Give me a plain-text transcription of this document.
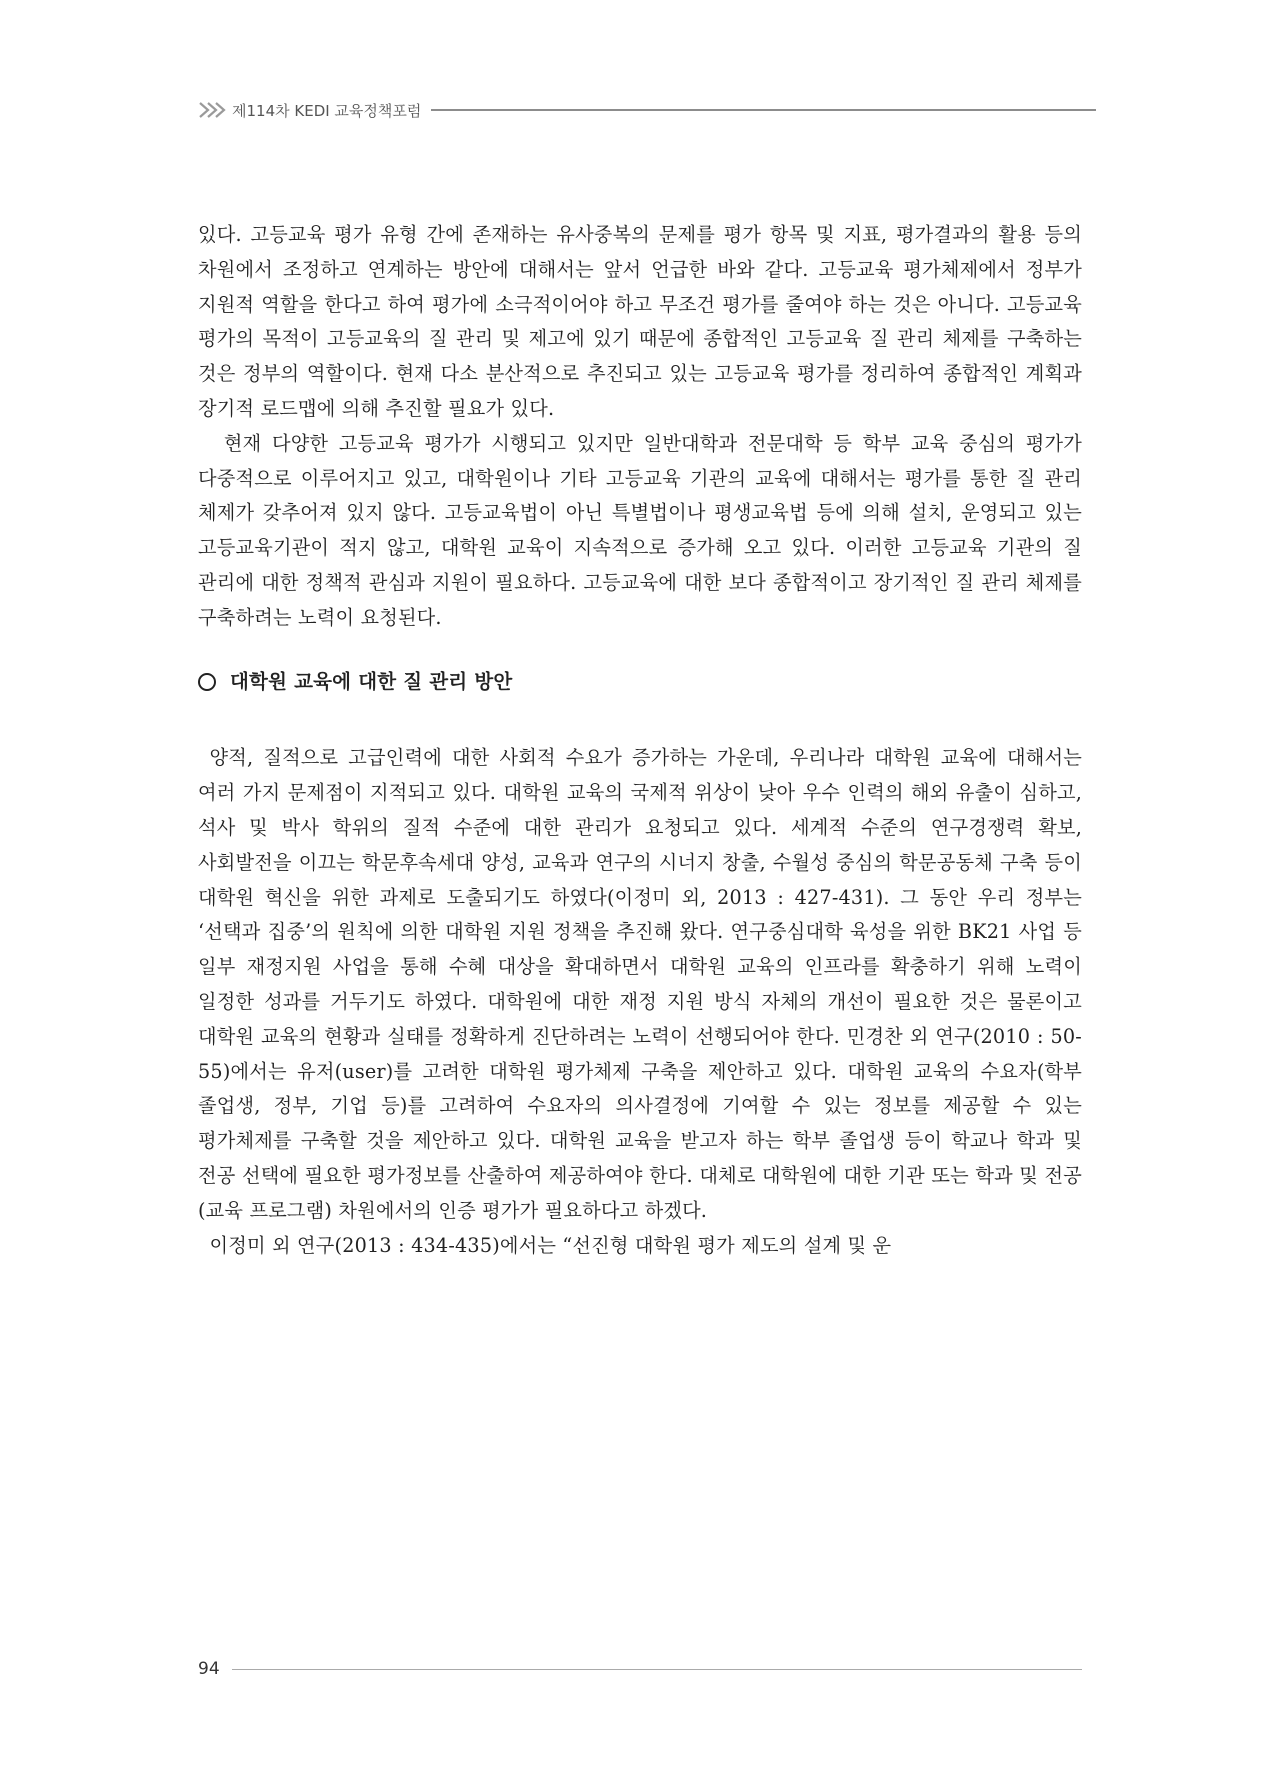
제114차 KEDI 교육정책포럼

있다. 고등교육 평가 유형 간에 존재하는 유사중복의 문제를 평가 항목 및 지표, 평가결과의 활용 등의 차원에서 조정하고 연계하는 방안에 대해서는 앞서 언급한 바와 같다. 고등교육 평가체제에서 정부가 지원적 역할을 한다고 하여 평가에 소극적이어야 하고 무조건 평가를 줄여야 하는 것은 아니다. 고등교육 평가의 목적이 고등교육의 질 관리 및 제고에 있기 때문에 종합적인 고등교육 질 관리 체제를 구축하는 것은 정부의 역할이다. 현재 다소 분산적으로 추진되고 있는 고등교육 평가를 정리하여 종합적인 계획과 장기적 로드맵에 의해 추진할 필요가 있다.

현재 다양한 고등교육 평가가 시행되고 있지만 일반대학과 전문대학 등 학부 교육 중심의 평가가 다중적으로 이루어지고 있고, 대학원이나 기타 고등교육 기관의 교육에 대해서는 평가를 통한 질 관리 체제가 갖추어져 있지 않다. 고등교육법이 아닌 특별법이나 평생교육법 등에 의해 설치, 운영되고 있는 고등교육기관이 적지 않고, 대학원 교육이 지속적으로 증가해 오고 있다. 이러한 고등교육 기관의 질 관리에 대한 정책적 관심과 지원이 필요하다. 고등교육에 대한 보다 종합적이고 장기적인 질 관리 체제를 구축하려는 노력이 요청된다.

대학원 교육에 대한 질 관리 방안

양적, 질적으로 고급인력에 대한 사회적 수요가 증가하는 가운데, 우리나라 대학원 교육에 대해서는 여러 가지 문제점이 지적되고 있다. 대학원 교육의 국제적 위상이 낮아 우수 인력의 해외 유출이 심하고, 석사 및 박사 학위의 질적 수준에 대한 관리가 요청되고 있다. 세계적 수준의 연구경쟁력 확보, 사회발전을 이끄는 학문후속세대 양성, 교육과 연구의 시너지 창출, 수월성 중심의 학문공동체 구축 등이 대학원 혁신을 위한 과제로 도출되기도 하였다(이정미 외, 2013 : 427-431). 그 동안 우리 정부는 ‘선택과 집중’의 원칙에 의한 대학원 지원 정책을 추진해 왔다. 연구중심대학 육성을 위한 BK21 사업 등 일부 재정지원 사업을 통해 수혜 대상을 확대하면서 대학원 교육의 인프라를 확충하기 위해 노력이 일정한 성과를 거두기도 하였다. 대학원에 대한 재정 지원 방식 자체의 개선이 필요한 것은 물론이고 대학원 교육의 현황과 실태를 정확하게 진단하려는 노력이 선행되어야 한다. 민경찬 외 연구(2010 : 50-55)에서는 유저(user)를 고려한 대학원 평가체제 구축을 제안하고 있다. 대학원 교육의 수요자(학부 졸업생, 정부, 기업 등)를 고려하여 수요자의 의사결정에 기여할 수 있는 정보를 제공할 수 있는 평가체제를 구축할 것을 제안하고 있다. 대학원 교육을 받고자 하는 학부 졸업생 등이 학교나 학과 및 전공 선택에 필요한 평가정보를 산출하여 제공하여야 한다. 대체로 대학원에 대한 기관 또는 학과 및 전공(교육 프로그램) 차원에서의 인증 평가가 필요하다고 하겠다.

이정미 외 연구(2013 : 434-435)에서는 “선진형 대학원 평가 제도의 설계 및 운

94
